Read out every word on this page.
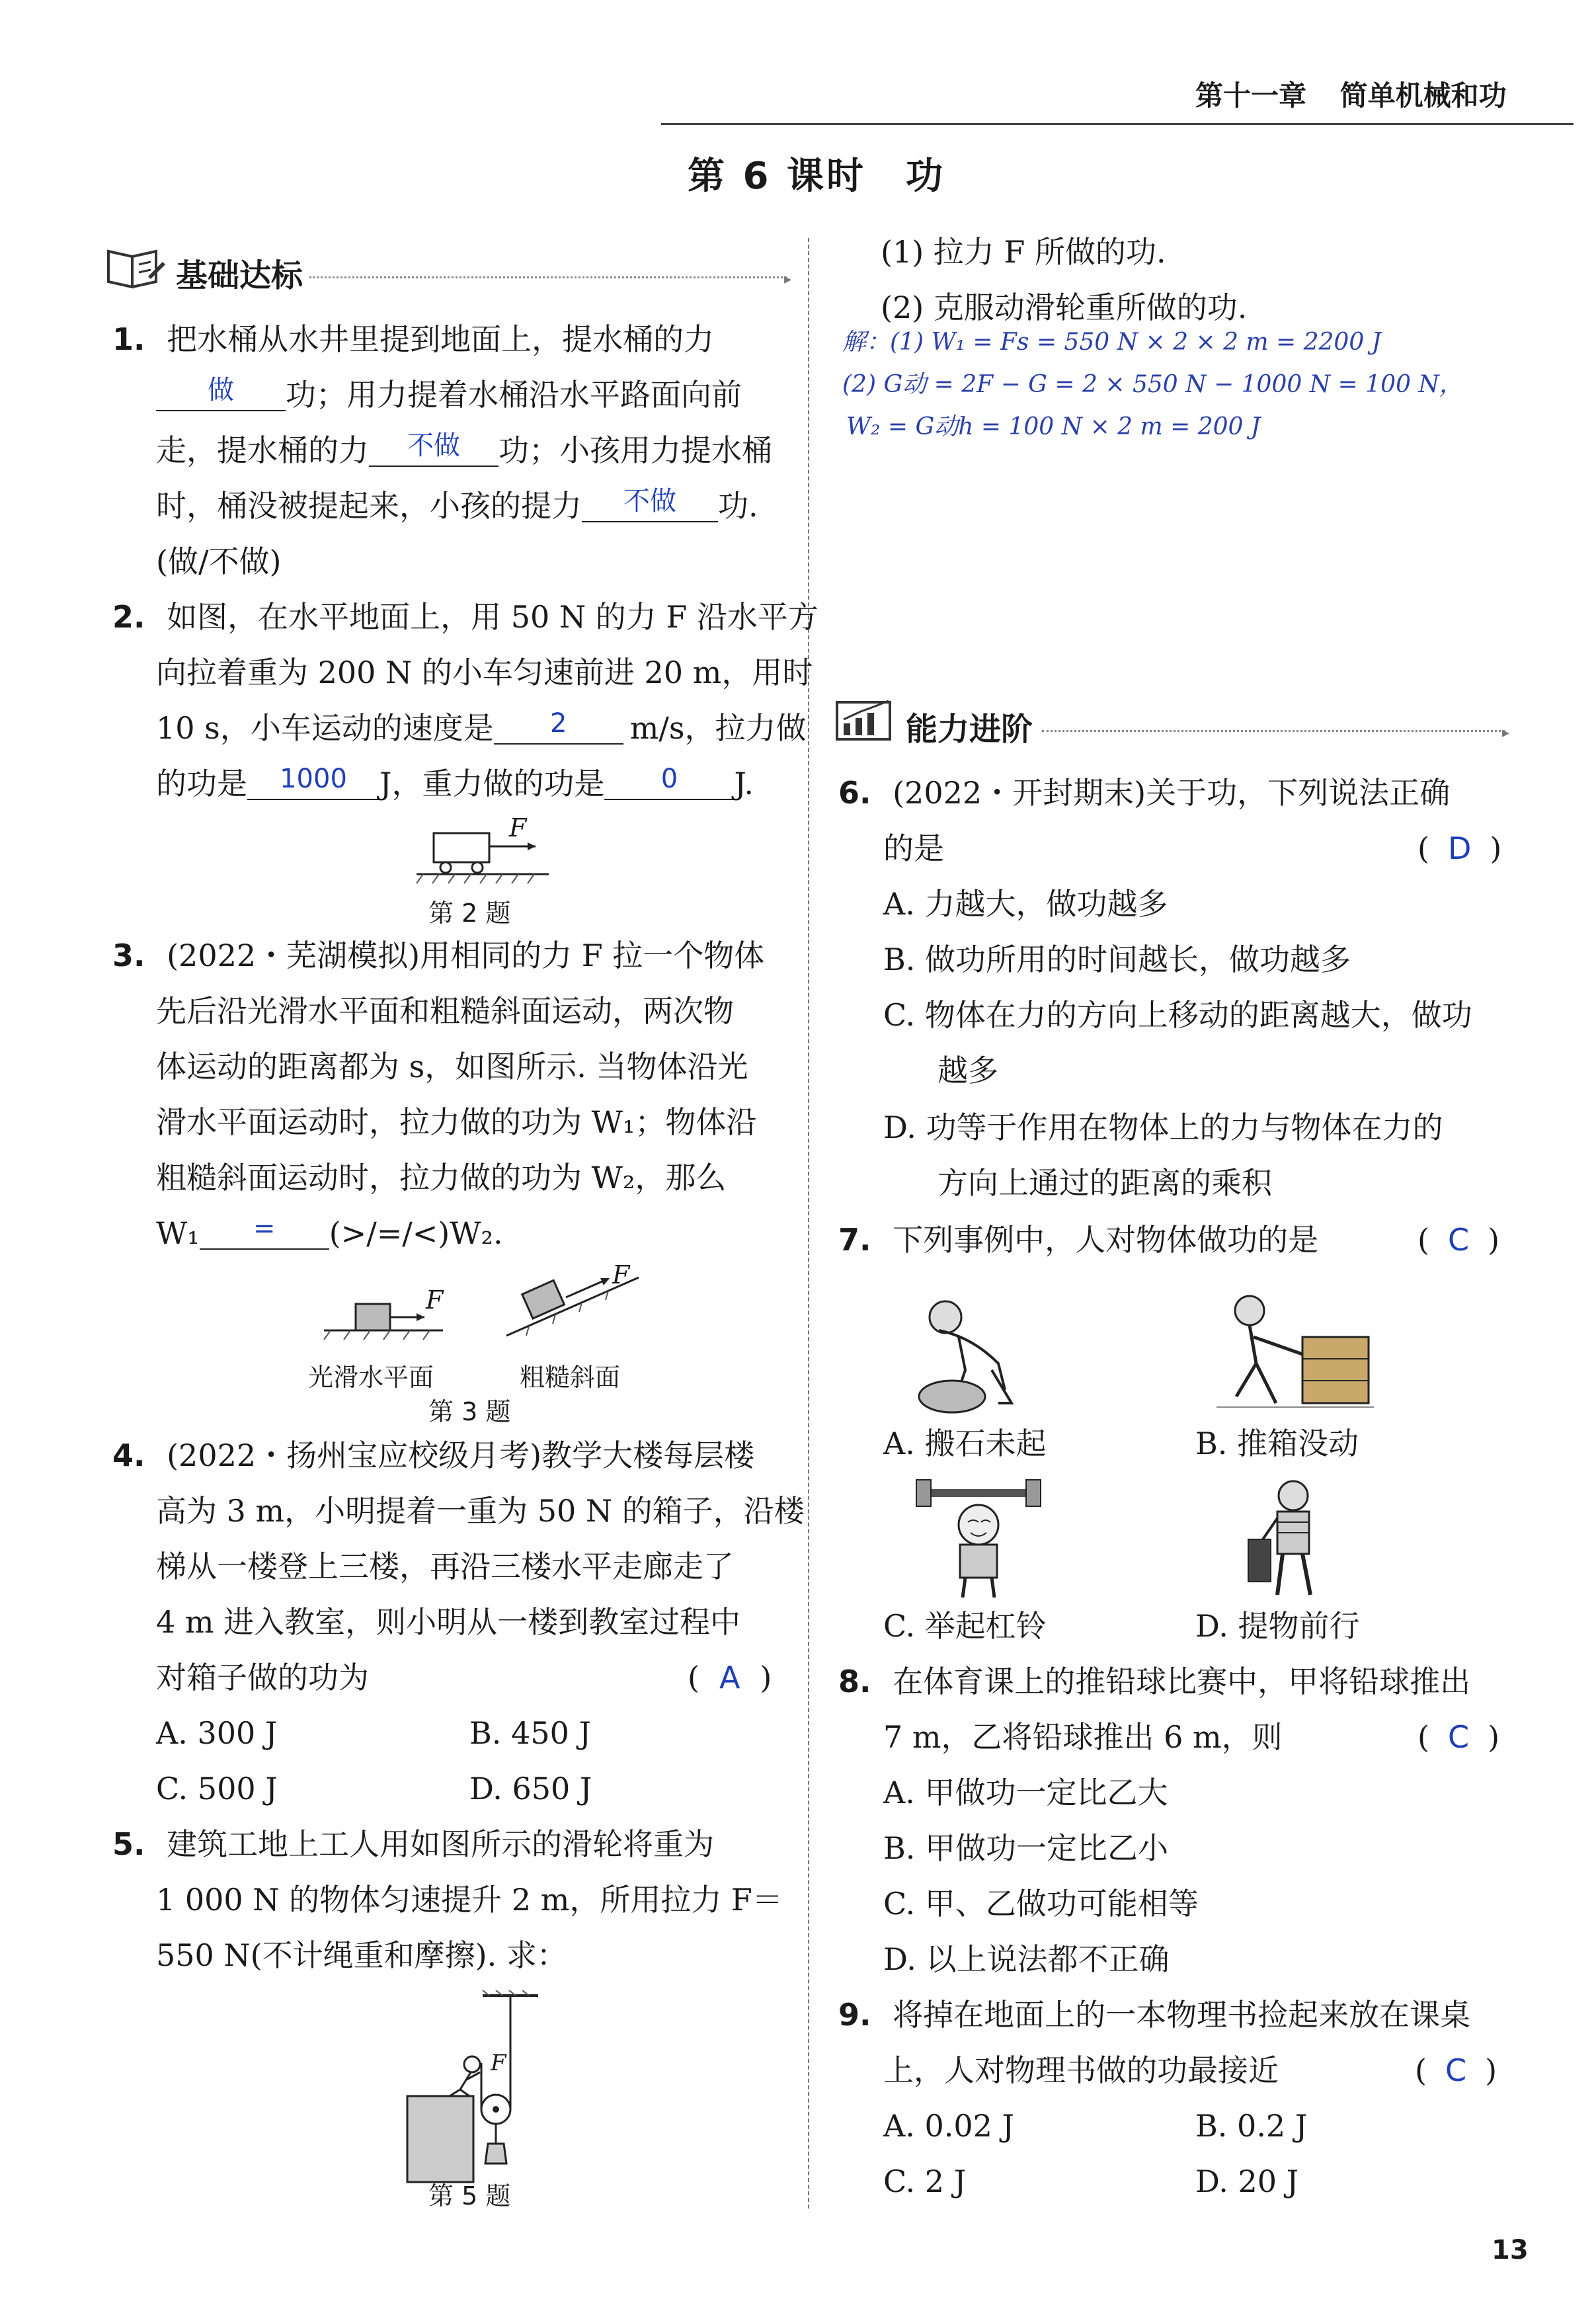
第十一章 简单机械和功
第 6 课时　功
基础达标	▸
1. 把水桶从水井里提到地面上，提水桶的力
做 功；用力提着水桶沿水平路面向前
走，提水桶的力 不做 功；小孩用力提水桶
时，桶没被提起来，小孩的提力 不做 功.
(做/不做)
2. 如图，在水平地面上，用 50 N 的力 F 沿水平方
向拉着重为 200 N 的小车匀速前进 20 m，用时
10 s，小车运动的速度是 2 m/s，拉力做
的功是 1000 J，重力做的功是 0 J.
F
第 2 题
3. (2022・芜湖模拟)用相同的力 F 拉一个物体
先后沿光滑水平面和粗糙斜面运动，两次物
体运动的距离都为 s，如图所示. 当物体沿光
滑水平面运动时，拉力做的功为 W₁；物体沿
粗糙斜面运动时，拉力做的功为 W₂，那么
W₁ = (>/=/<)W₂.
F
F
光滑水平面	粗糙斜面
第 3 题
4. (2022・扬州宝应校级月考)教学大楼每层楼
高为 3 m，小明提着一重为 50 N 的箱子，沿楼
梯从一楼登上三楼，再沿三楼水平走廊走了
4 m 进入教室，则小明从一楼到教室过程中
对箱子做的功为	( A )
A. 300 J	B. 450 J
C. 500 J	D. 650 J
5. 建筑工地上工人用如图所示的滑轮将重为
1 000 N 的物体匀速提升 2 m，所用拉力 F＝
550 N(不计绳重和摩擦). 求：
F
第 5 题
(1) 拉力 F 所做的功.
(2) 克服动滑轮重所做的功.
解：(1) W₁ = Fs = 550 N × 2 × 2 m = 2200 J
(2) G动 = 2F − G = 2 × 550 N − 1000 N = 100 N，
W₂ = G动h = 100 N × 2 m = 200 J
能力进阶	▸
6. (2022・开封期末)关于功，下列说法正确
的是	( D )
A. 力越大，做功越多
B. 做功所用的时间越长，做功越多
C. 物体在力的方向上移动的距离越大，做功
越多
D. 功等于作用在物体上的力与物体在力的
方向上通过的距离的乘积
7. 下列事例中，人对物体做功的是	( C )
A. 搬石未起	B. 推箱没动
C. 举起杠铃	D. 提物前行
8. 在体育课上的推铅球比赛中，甲将铅球推出
7 m，乙将铅球推出 6 m，则	( C )
A. 甲做功一定比乙大
B. 甲做功一定比乙小
C. 甲、乙做功可能相等
D. 以上说法都不正确
9. 将掉在地面上的一本物理书捡起来放在课桌
上，人对物理书做的功最接近	( C )
A. 0.02 J	B. 0.2 J
C. 2 J	D. 20 J
13
